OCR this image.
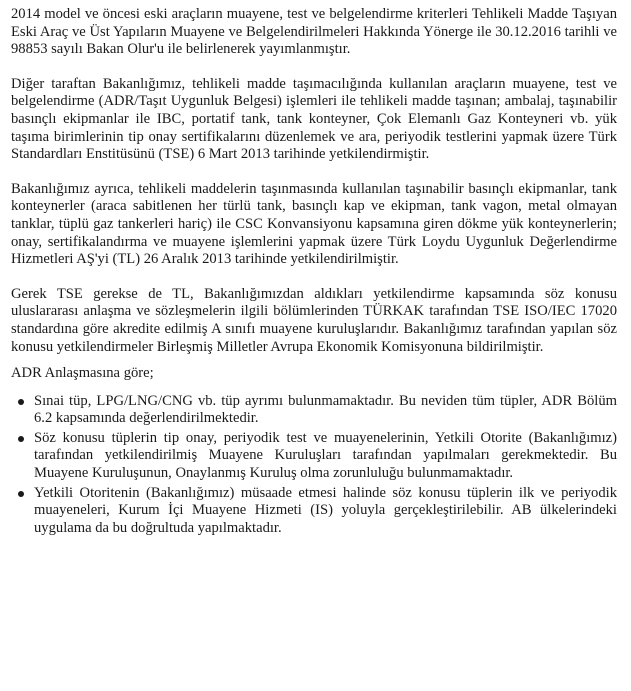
2014 model ve öncesi eski araçların muayene, test ve belgelendirme kriterleri Tehlikeli Madde Taşıyan Eski Araç ve Üst Yapıların Muayene ve Belgelendirilmeleri Hakkında Yönerge ile 30.12.2016 tarihli ve 98853 sayılı Bakan Olur'u ile belirlenerek yayımlanmıştır.

Diğer taraftan Bakanlığımız, tehlikeli madde taşımacılığında kullanılan araçların muayene, test ve belgelendirme (ADR/Taşıt Uygunluk Belgesi) işlemleri ile tehlikeli madde taşınan; ambalaj, taşınabilir basınçlı ekipmanlar ile IBC, portatif tank, tank konteyner, Çok Elemanlı Gaz Konteyneri vb. yük taşıma birimlerinin tip onay sertifikalarını düzenlemek ve ara, periyodik testlerini yapmak üzere Türk Standardları Enstitüsünü (TSE) 6 Mart 2013 tarihinde yetkilendirmiştir.

Bakanlığımız ayrıca, tehlikeli maddelerin taşınmasında kullanılan taşınabilir basınçlı ekipmanlar, tank konteynerler (araca sabitlenen her türlü tank, basınçlı kap ve ekipman, tank vagon, metal olmayan tanklar, tüplü gaz tankerleri hariç) ile CSC Konvansiyonu kapsamına giren dökme yük konteynerlerin; onay, sertifikalandırma ve muayene işlemlerini yapmak üzere Türk Loydu Uygunluk Değerlendirme Hizmetleri AŞ'yi (TL) 26 Aralık 2013 tarihinde yetkilendirilmiştir.

Gerek TSE gerekse de TL, Bakanlığımızdan aldıkları yetkilendirme kapsamında söz konusu uluslararası anlaşma ve sözleşmelerin ilgili bölümlerinden TÜRKAK tarafından TSE ISO/IEC 17020 standardına göre akredite edilmiş A sınıfı muayene kuruluşlarıdır. Bakanlığımız tarafından yapılan söz konusu yetkilendirmeler Birleşmiş Milletler Avrupa Ekonomik Komisyonuna bildirilmiştir.

ADR Anlaşmasına göre;

Sınai tüp, LPG/LNG/CNG vb. tüp ayrımı bulunmamaktadır. Bu neviden tüm tüpler, ADR Bölüm 6.2 kapsamında değerlendirilmektedir.
Söz konusu tüplerin tip onay, periyodik test ve muayenelerinin, Yetkili Otorite (Bakanlığımız) tarafından yetkilendirilmiş Muayene Kuruluşları tarafından yapılmaları gerekmektedir. Bu Muayene Kuruluşunun, Onaylanmış Kuruluş olma zorunluluğu bulunmamaktadır.
Yetkili Otoritenin (Bakanlığımız) müsaade etmesi halinde söz konusu tüplerin ilk ve periyodik muayeneleri, Kurum İçi Muayene Hizmeti (IS) yoluyla gerçekleştirilebilir. AB ülkelerindeki uygulama da bu doğrultuda yapılmaktadır.
